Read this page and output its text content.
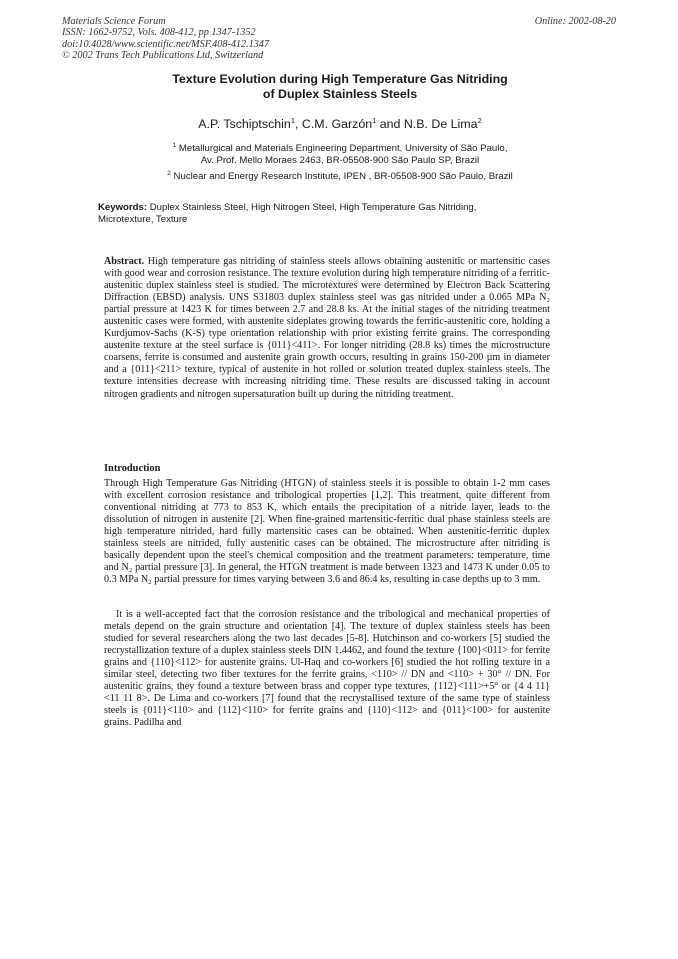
Materials Science Forum
ISSN: 1662-9752, Vols. 408-412, pp 1347-1352
doi:10.4028/www.scientific.net/MSF.408-412.1347
© 2002 Trans Tech Publications Ltd, Switzerland
Online: 2002-08-20
Texture Evolution during High Temperature Gas Nitriding
of Duplex Stainless Steels
A.P. Tschiptschin$^1$, C.M. Garzón$^1$ and N.B. De Lima$^2$
$^1$ Metallurgical and Materials Engineering Department, University of São Paulo,
Av. Prof. Mello Moraes 2463, BR-05508-900 São Paulo SP, Brazil
$^2$ Nuclear and Energy Research Institute, IPEN , BR-05508-900 São Paulo, Brazil
Keywords: Duplex Stainless Steel, High Nitrogen Steel, High Temperature Gas Nitriding, Microtexture, Texture
Abstract. High temperature gas nitriding of stainless steels allows obtaining austenitic or martensitic cases with good wear and corrosion resistance. The texture evolution during high temperature nitriding of a ferritic-austenitic duplex stainless steel is studied. The microtextures were determined by Electron Back Scattering Diffraction (EBSD) analysis. UNS S31803 duplex stainless steel was gas nitrided under a 0.065 MPa N₂ partial pressure at 1423 K for times between 2.7 and 28.8 ks. At the initial stages of the nitriding treatment austenitic cases were formed, with austenite sideplates growing towards the ferritic-austenitic core, holding a Kurdjumov-Sachs (K-S) type orientation relationship with prior existing ferrite grains. The corresponding austenite texture at the steel surface is {011}<411>. For longer nitriding (28.8 ks) times the microstructure coarsens, ferrite is consumed and austenite grain growth occurs, resulting in grains 150-200 µm in diameter and a {011}<211> texture, typical of austenite in hot rolled or solution treated duplex stainless steels. The texture intensities decrease with increasing nitriding time. These results are discussed taking in account nitrogen gradients and nitrogen supersaturation built up during the nitriding treatment.
Introduction
Through High Temperature Gas Nitriding (HTGN) of stainless steels it is possible to obtain 1-2 mm cases with excellent corrosion resistance and tribological properties [1,2]. This treatment, quite different from conventional nitriding at 773 to 853 K, which entails the precipitation of a nitride layer, leads to the dissolution of nitrogen in austenite [2]. When fine-grained martensitic-ferritic dual phase stainless steels are high temperature nitrided, hard fully martensitic cases can be obtained. When austenitic-ferritic duplex stainless steels are nitrided, fully austenitic cases can be obtained. The microstructure after nitriding is basically dependent upon the steel's chemical composition and the treatment parameters: temperature, time and N₂ partial pressure [3]. In general, the HTGN treatment is made between 1323 and 1473 K under 0.05 to 0.3 MPa N₂ partial pressure for times varying between 3.6 and 86.4 ks, resulting in case depths up to 3 mm.
It is a well-accepted fact that the corrosion resistance and the tribological and mechanical properties of metals depend on the grain structure and orientation [4]. The texture of duplex stainless steels has been studied for several researchers along the two last decades [5-8]. Hutchinson and co-workers [5] studied the recrystallization texture of a duplex stainless steels DIN 1.4462, and found the texture {100}<011> for ferrite grains and {110}<112> for austenite grains. Ul-Haq and co-workers [6] studied the hot rolling texture in a similar steel, detecting two fiber textures for the ferrite grains, <110> // DN and <110> + 30° // DN. For austenitic grains, they found a texture between brass and copper type textures, {112}<111>+5° or {4 4 11}<11 11 8>. De Lima and co-workers [7] found that the recrystallised texture of the same type of stainless steels is {011}<110> and {112}<110> for ferrite grains and {110}<112> and {011}<100> for austenite grains. Padilha and
